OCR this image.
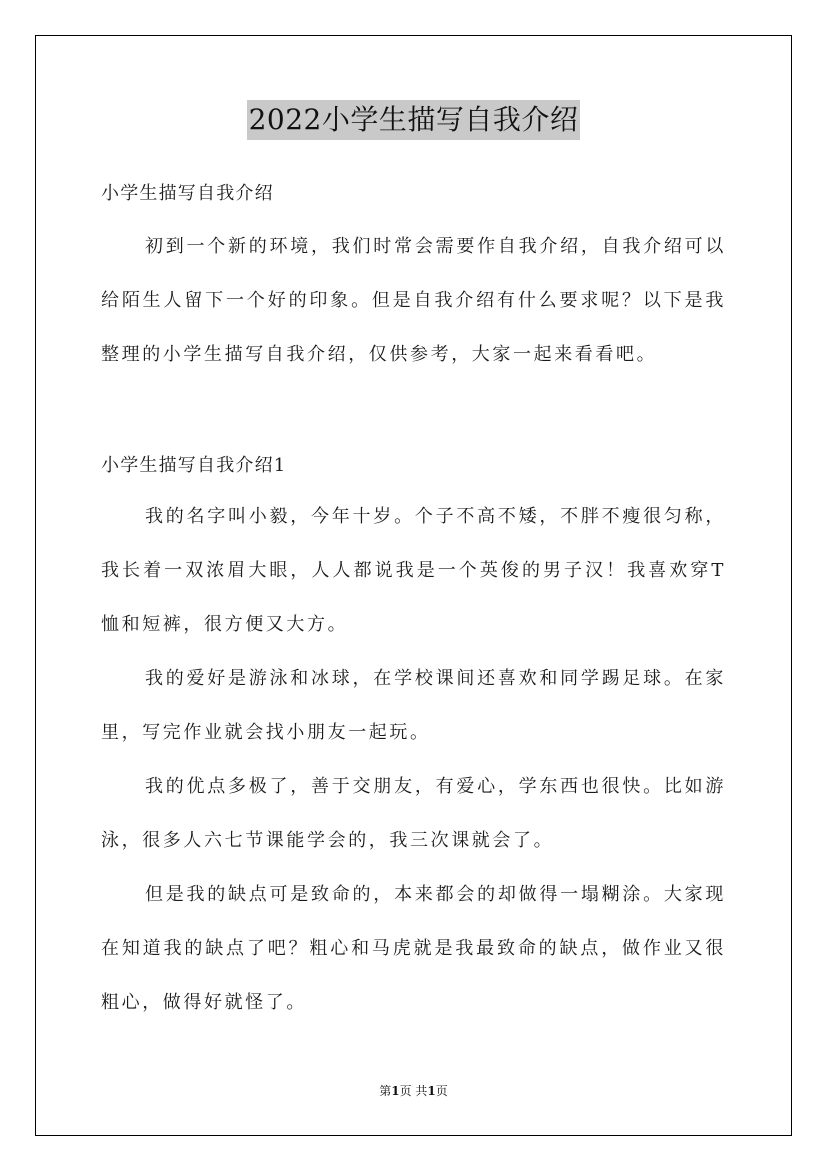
2022小学生描写自我介绍
小学生描写自我介绍

初到一个新的环境，我们时常会需要作自我介绍，自我介绍可以给陌生人留下一个好的印象。但是自我介绍有什么要求呢？以下是我整理的小学生描写自我介绍，仅供参考，大家一起来看看吧。

小学生描写自我介绍1

我的名字叫小毅，今年十岁。个子不高不矮，不胖不瘦很匀称，我长着一双浓眉大眼，人人都说我是一个英俊的男子汉！我喜欢穿T恤和短裤，很方便又大方。

我的爱好是游泳和冰球，在学校课间还喜欢和同学踢足球。在家里，写完作业就会找小朋友一起玩。

我的优点多极了，善于交朋友，有爱心，学东西也很快。比如游泳，很多人六七节课能学会的，我三次课就会了。

但是我的缺点可是致命的，本来都会的却做得一塌糊涂。大家现在知道我的缺点了吧？粗心和马虎就是我最致命的缺点，做作业又很粗心，做得好就怪了。

第1页 共1页
